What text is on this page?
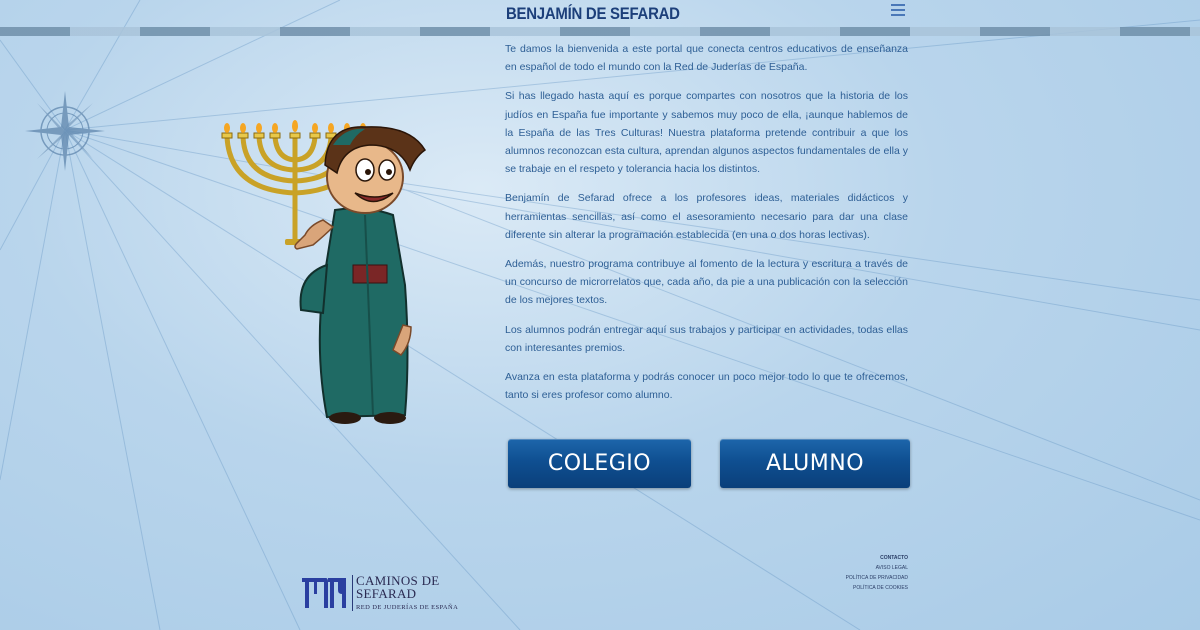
BENJAMÍN DE SEFARAD

Te damos la bienvenida a este portal que conecta centros educativos de enseñanza en español de todo el mundo con la Red de Juderías de España.

Si has llegado hasta aquí es porque compartes con nosotros que la historia de los judíos en España fue importante y sabemos muy poco de ella, ¡aunque hablemos de la España de las Tres Culturas! Nuestra plataforma pretende contribuir a que los alumnos reconozcan esta cultura, aprendan algunos aspectos fundamentales de ella y se trabaje en el respeto y tolerancia hacia los distintos.

Benjamín de Sefarad ofrece a los profesores ideas, materiales didácticos y herramientas sencillas, así como el asesoramiento necesario para dar una clase diferente sin alterar la programación establecida (en una o dos horas lectivas).

Además, nuestro programa contribuye al fomento de la lectura y escritura a través de un concurso de microrrelatos que, cada año, da pie a una publicación con la selección de los mejores textos.

Los alumnos podrán entregar aquí sus trabajos y participar en actividades, todas ellas con interesantes premios.

Avanza en esta plataforma y podrás conocer un poco mejor todo lo que te ofrecemos, tanto si eres profesor como alumno.

COLEGIO	ALUMNO
CAMINOS DE
SEFARAD
RED DE JUDERÍAS DE ESPAÑA
CONTACTO
AVISO LEGAL
POLÍTICA DE PRIVACIDAD
POLÍTICA DE COOKIES
